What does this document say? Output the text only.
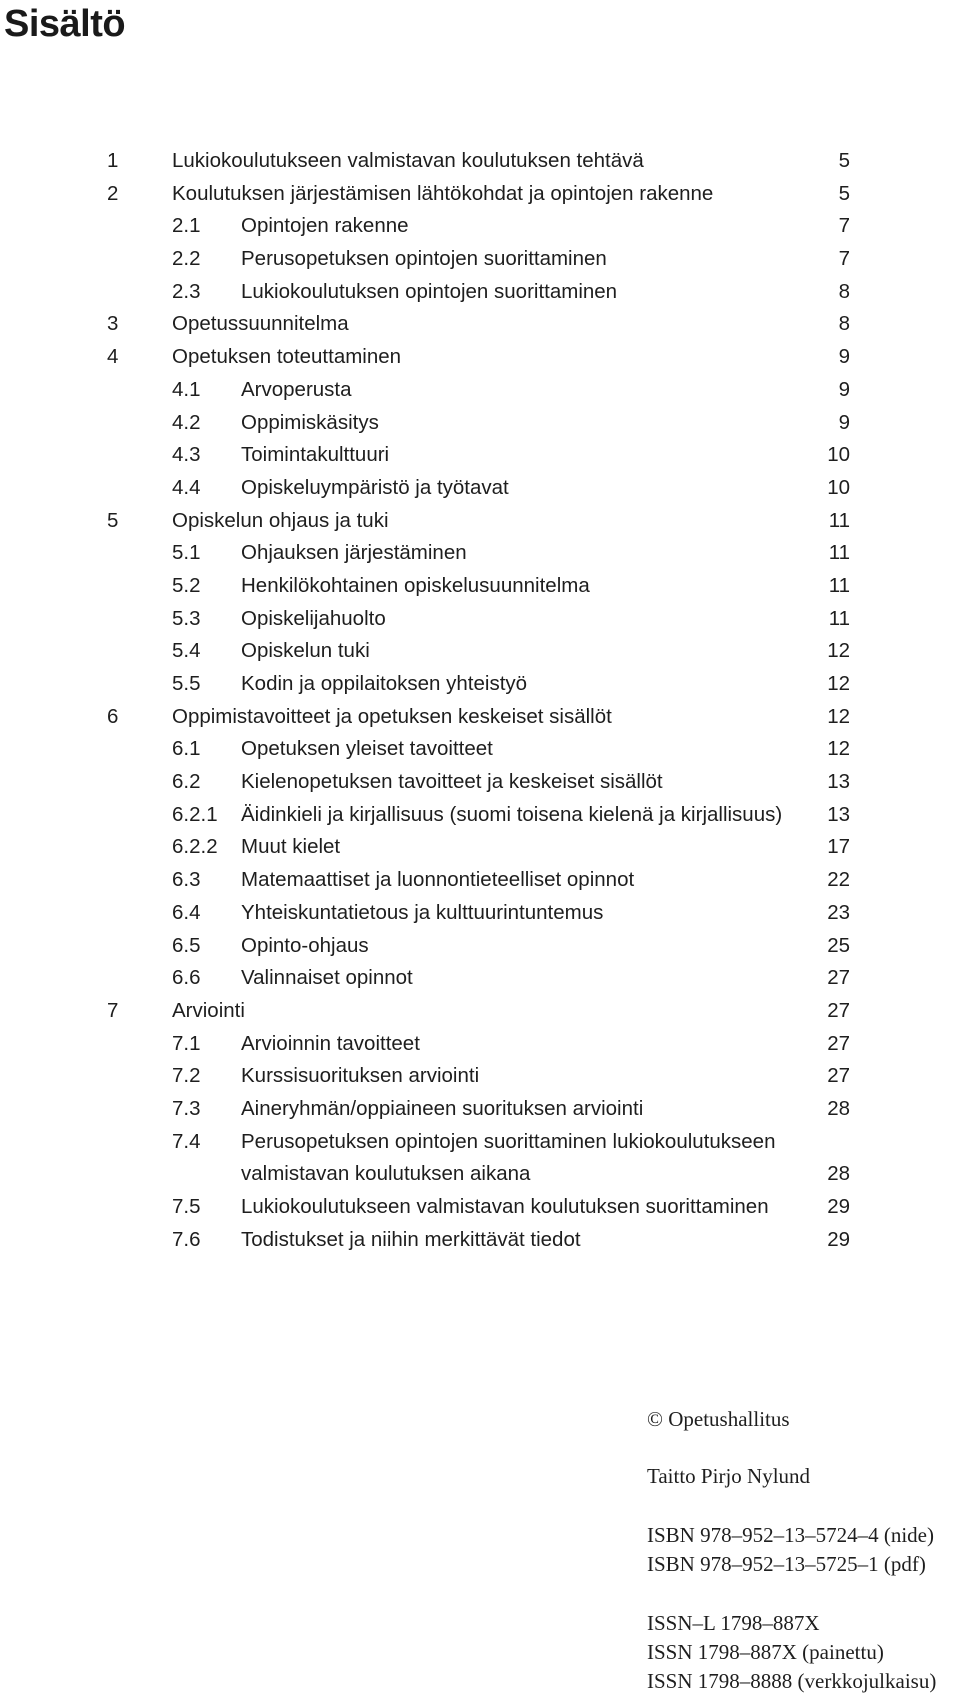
Sisältö
1	Lukiokoulutukseen valmistavan koulutuksen tehtävä	5
2	Koulutuksen järjestämisen lähtökohdat ja opintojen rakenne	5
2.1 Opintojen rakenne	7
2.2 Perusopetuksen opintojen suorittaminen	7
2.3 Lukiokoulutuksen opintojen suorittaminen	8
3	Opetussuunnitelma	8
4	Opetuksen toteuttaminen	9
4.1 Arvoperusta	9
4.2 Oppimiskäsitys	9
4.3 Toimintakulttuuri	10
4.4 Opiskeluympäristö ja työtavat	10
5	Opiskelun ohjaus ja tuki	11
5.1 Ohjauksen järjestäminen	11
5.2 Henkilökohtainen opiskelusuunnitelma	11
5.3 Opiskelijahuolto	11
5.4 Opiskelun tuki	12
5.5 Kodin ja oppilaitoksen yhteistyö	12
6	Oppimistavoitteet ja opetuksen keskeiset sisällöt	12
6.1 Opetuksen yleiset tavoitteet	12
6.2 Kielenopetuksen tavoitteet ja keskeiset sisällöt	13
6.2.1 Äidinkieli ja kirjallisuus (suomi toisena kielenä ja kirjallisuus)	13
6.2.2 Muut kielet	17
6.3 Matemaattiset ja luonnontieteelliset opinnot	22
6.4 Yhteiskuntatietous ja kulttuurintuntemus	23
6.5 Opinto-ohjaus	25
6.6 Valinnaiset opinnot	27
7	Arviointi	27
7.1 Arvioinnin tavoitteet	27
7.2 Kurssisuorituksen arviointi	27
7.3 Aineryhmän/oppiaineen suorituksen arviointi	28
7.4 Perusopetuksen opintojen suorittaminen lukiokoulutukseen
valmistavan koulutuksen aikana	28
7.5 Lukiokoulutukseen valmistavan koulutuksen suorittaminen	29
7.6 Todistukset ja niihin merkittävät tiedot	29

© Opetushallitus

Taitto Pirjo Nylund

ISBN 978–952–13–5724–4 (nide)

ISBN 978–952–13–5725–1 (pdf)

ISSN–L 1798–887X

ISSN 1798–887X (painettu)

ISSN 1798–8888 (verkkojulkaisu)
